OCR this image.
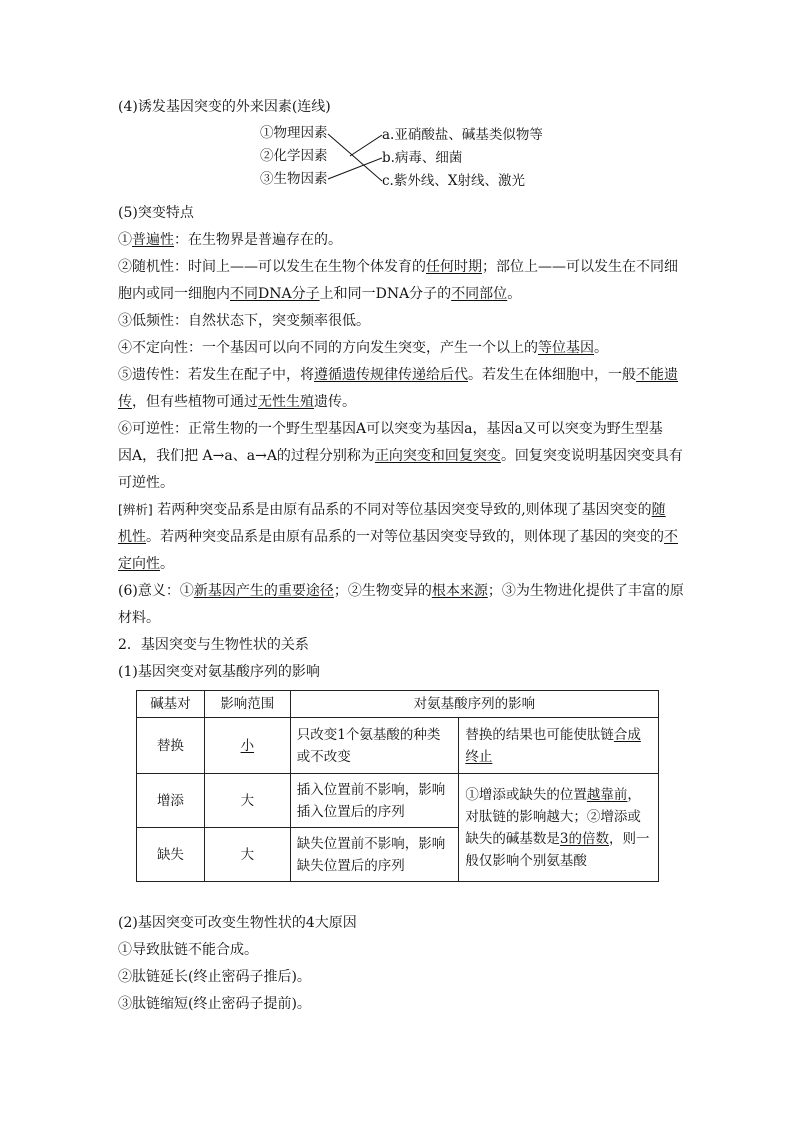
(4)诱发基因突变的外来因素(连线)
①物理因素
②化学因素
③生物因素
a.亚硝酸盐、碱基类似物等
b.病毒、细菌
c.紫外线、X射线、激光
(5)突变特点
①普遍性：在生物界是普遍存在的。
②随机性：时间上——可以发生在生物个体发育的任何时期；部位上——可以发生在不同细
胞内或同一细胞内不同DNA分子上和同一DNA分子的不同部位。
③低频性：自然状态下，突变频率很低。
④不定向性：一个基因可以向不同的方向发生突变，产生一个以上的等位基因。
⑤遗传性：若发生在配子中，将遵循遗传规律传递给后代。若发生在体细胞中，一般不能遗
传，但有些植物可通过无性生殖遗传。
⑥可逆性：正常生物的一个野生型基因A可以突变为基因a，基因a又可以突变为野生型基
因A，我们把 A→a、a→A的过程分别称为正向突变和回复突变。回复突变说明基因突变具有
可逆性。
[辨析] 若两种突变品系是由原有品系的不同对等位基因突变导致的,则体现了基因突变的随
机性。若两种突变品系是由原有品系的一对等位基因突变导致的，则体现了基因的突变的不
定向性。
(6)意义：①新基因产生的重要途径；②生物变异的根本来源；③为生物进化提供了丰富的原
材料。
2．基因突变与生物性状的关系
(1)基因突变对氨基酸序列的影响
碱基对	影响范围	对氨基酸序列的影响	
替换	小	只改变1个氨基酸的种类或不改变	替换的结果也可能使肽链合成终止
增添	大	插入位置前不影响，影响插入位置后的序列	①增添或缺失的位置越靠前，对肽链的影响越大；②增添或缺失的碱基数是3的倍数，则一般仅影响个别氨基酸
缺失	大	缺失位置前不影响，影响缺失位置后的序列	
(2)基因突变可改变生物性状的4大原因
①导致肽链不能合成。
②肽链延长(终止密码子推后)。
③肽链缩短(终止密码子提前)。
